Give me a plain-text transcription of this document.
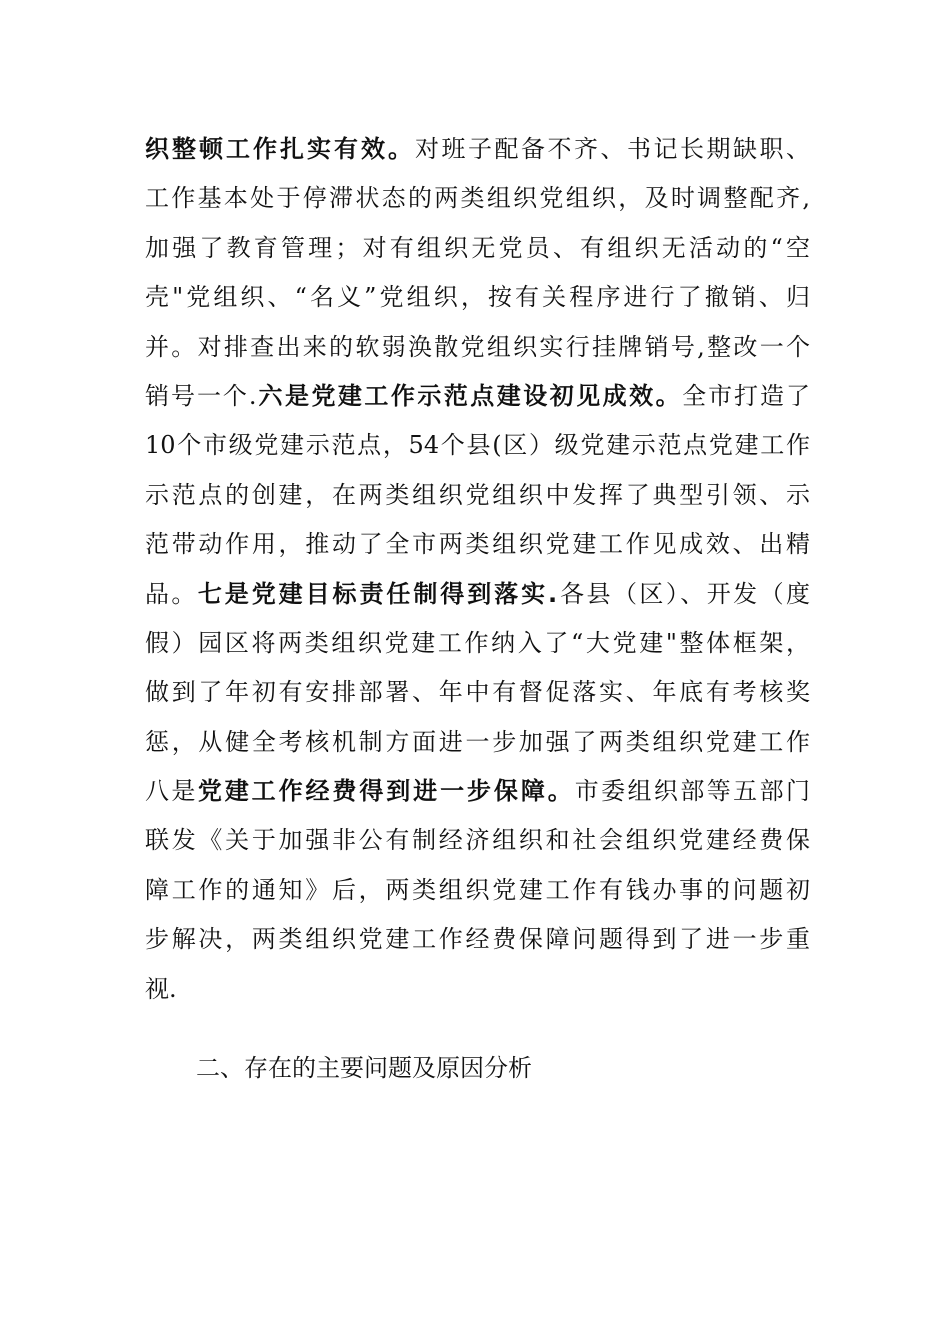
织整顿工作扎实有效。对班子配备不齐、书记长期缺职、
工作基本处于停滞状态的两类组织党组织，及时调整配齐,
加强了教育管理；对有组织无党员、有组织无活动的“空
壳"党组织、“名义”党组织，按有关程序进行了撤销、归
并。对排查出来的软弱涣散党组织实行挂牌销号,整改一个
销号一个.六是党建工作示范点建设初见成效。全市打造了
10个市级党建示范点，54个县(区）级党建示范点党建工作
示范点的创建，在两类组织党组织中发挥了典型引领、示
范带动作用，推动了全市两类组织党建工作见成效、出精
品。七是党建目标责任制得到落实.各县（区）、开发（度
假）园区将两类组织党建工作纳入了“大党建"整体框架，
做到了年初有安排部署、年中有督促落实、年底有考核奖
惩，从健全考核机制方面进一步加强了两类组织党建工作
八是党建工作经费得到进一步保障。市委组织部等五部门
联发《关于加强非公有制经济组织和社会组织党建经费保
障工作的通知》后，两类组织党建工作有钱办事的问题初
步解决，两类组织党建工作经费保障问题得到了进一步重
视.
二、存在的主要问题及原因分析
